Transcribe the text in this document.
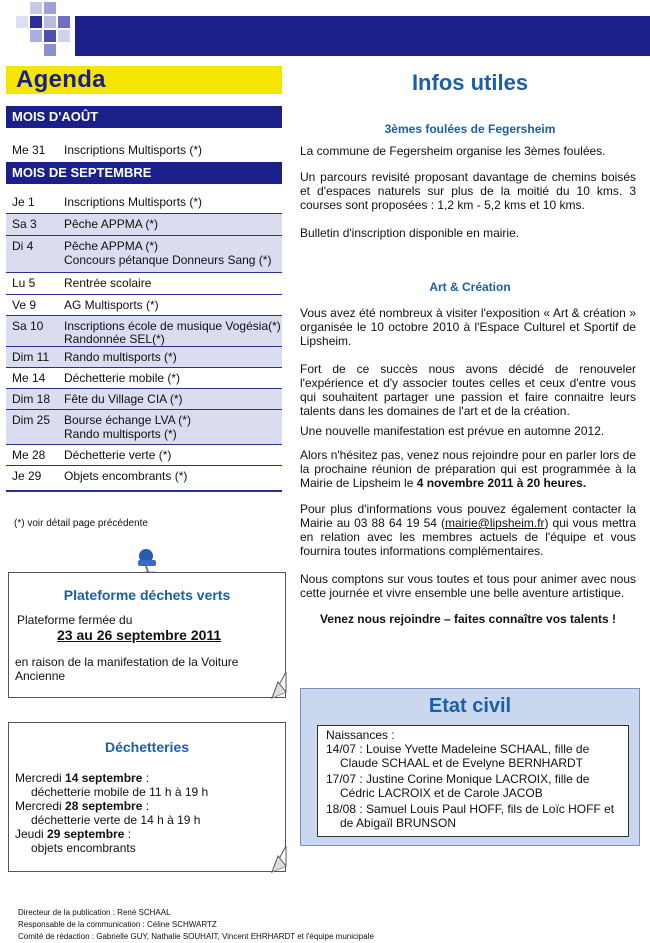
Agenda
MOIS D'AOÛT
Me 31 Inscriptions Multisports (*)
MOIS DE SEPTEMBRE
Je 1 Inscriptions Multisports (*)
Sa 3 Pêche APPMA (*)
Di 4	Pêche APPMA (*)
Concours pétanque Donneurs Sang (*)
Lu 5 Rentrée scolaire
Ve 9 AG Multisports (*)
Sa 10 Inscriptions école de musique Vogésia(*)
Randonnée SEL(*)
Dim 11 Rando multisports (*)
Me 14 Déchetterie mobile (*)
Dim 18 Fête du Village CIA (*)
Dim 25 Bourse échange LVA (*)
Rando multisports (*)
Me 28 Déchetterie verte (*)
Je 29 Objets encombrants (*)
(*) voir détail page précédente
Plateforme déchets verts
Plateforme fermée du
23 au 26 septembre 2011
en raison de la manifestation de la Voiture Ancienne
Déchetteries
Mercredi 14 septembre :
déchetterie mobile de 11 h à 19 h
Mercredi 28 septembre :
déchetterie verte de 14 h à 19 h
Jeudi 29 septembre :
objets encombrants
Infos utiles
3èmes foulées de Fegersheim
La commune de Fegersheim organise les 3èmes foulées.
Un parcours revisité proposant davantage de chemins boisés et d'espaces naturels sur plus de la moitié du 10 kms. 3 courses sont proposées : 1,2 km - 5,2 kms et 10 kms.
Bulletin d'inscription disponible en mairie.
Art & Création
Vous avez été nombreux à visiter l'exposition « Art & création » organisée le 10 octobre 2010 à l'Espace Culturel et Sportif de Lipsheim.
Fort de ce succès nous avons décidé de renouveler l'expérience et d'y associer toutes celles et ceux d'entre vous qui souhaitent partager une passion et faire connaitre leurs talents dans les domaines de l'art et de la création.
Une nouvelle manifestation est prévue en automne 2012.
Alors n'hésitez pas, venez nous rejoindre pour en parler lors de la prochaine réunion de préparation qui est programmée à la Mairie de Lipsheim le 4 novembre 2011 à 20 heures.
Pour plus d'informations vous pouvez également contacter la Mairie au 03 88 64 19 54 (mairie@lipsheim.fr) qui vous mettra en relation avec les membres actuels de l'équipe et vous fournira toutes informations complémentaires.
Nous comptons sur vous toutes et tous pour animer avec nous cette journée et vivre ensemble une belle aventure artistique.
Venez nous rejoindre – faites connaître vos talents !
Etat civil
Naissances :
14/07 : Louise Yvette Madeleine SCHAAL, fille de
Claude SCHAAL et de Evelyne BERNHARDT
17/07 : Justine Corine Monique LACROIX, fille de
Cédric LACROIX et de Carole JACOB
18/08 : Samuel Louis Paul HOFF, fils de Loïc HOFF et
de Abigaïl BRUNSON
Directeur de la publication : René SCHAAL
Responsable de la communication : Céline SCHWARTZ
Comité de rédaction : Gabrielle GUY, Nathalie SOUHAIT, Vincent EHRHARDT et l'équipe municipale
